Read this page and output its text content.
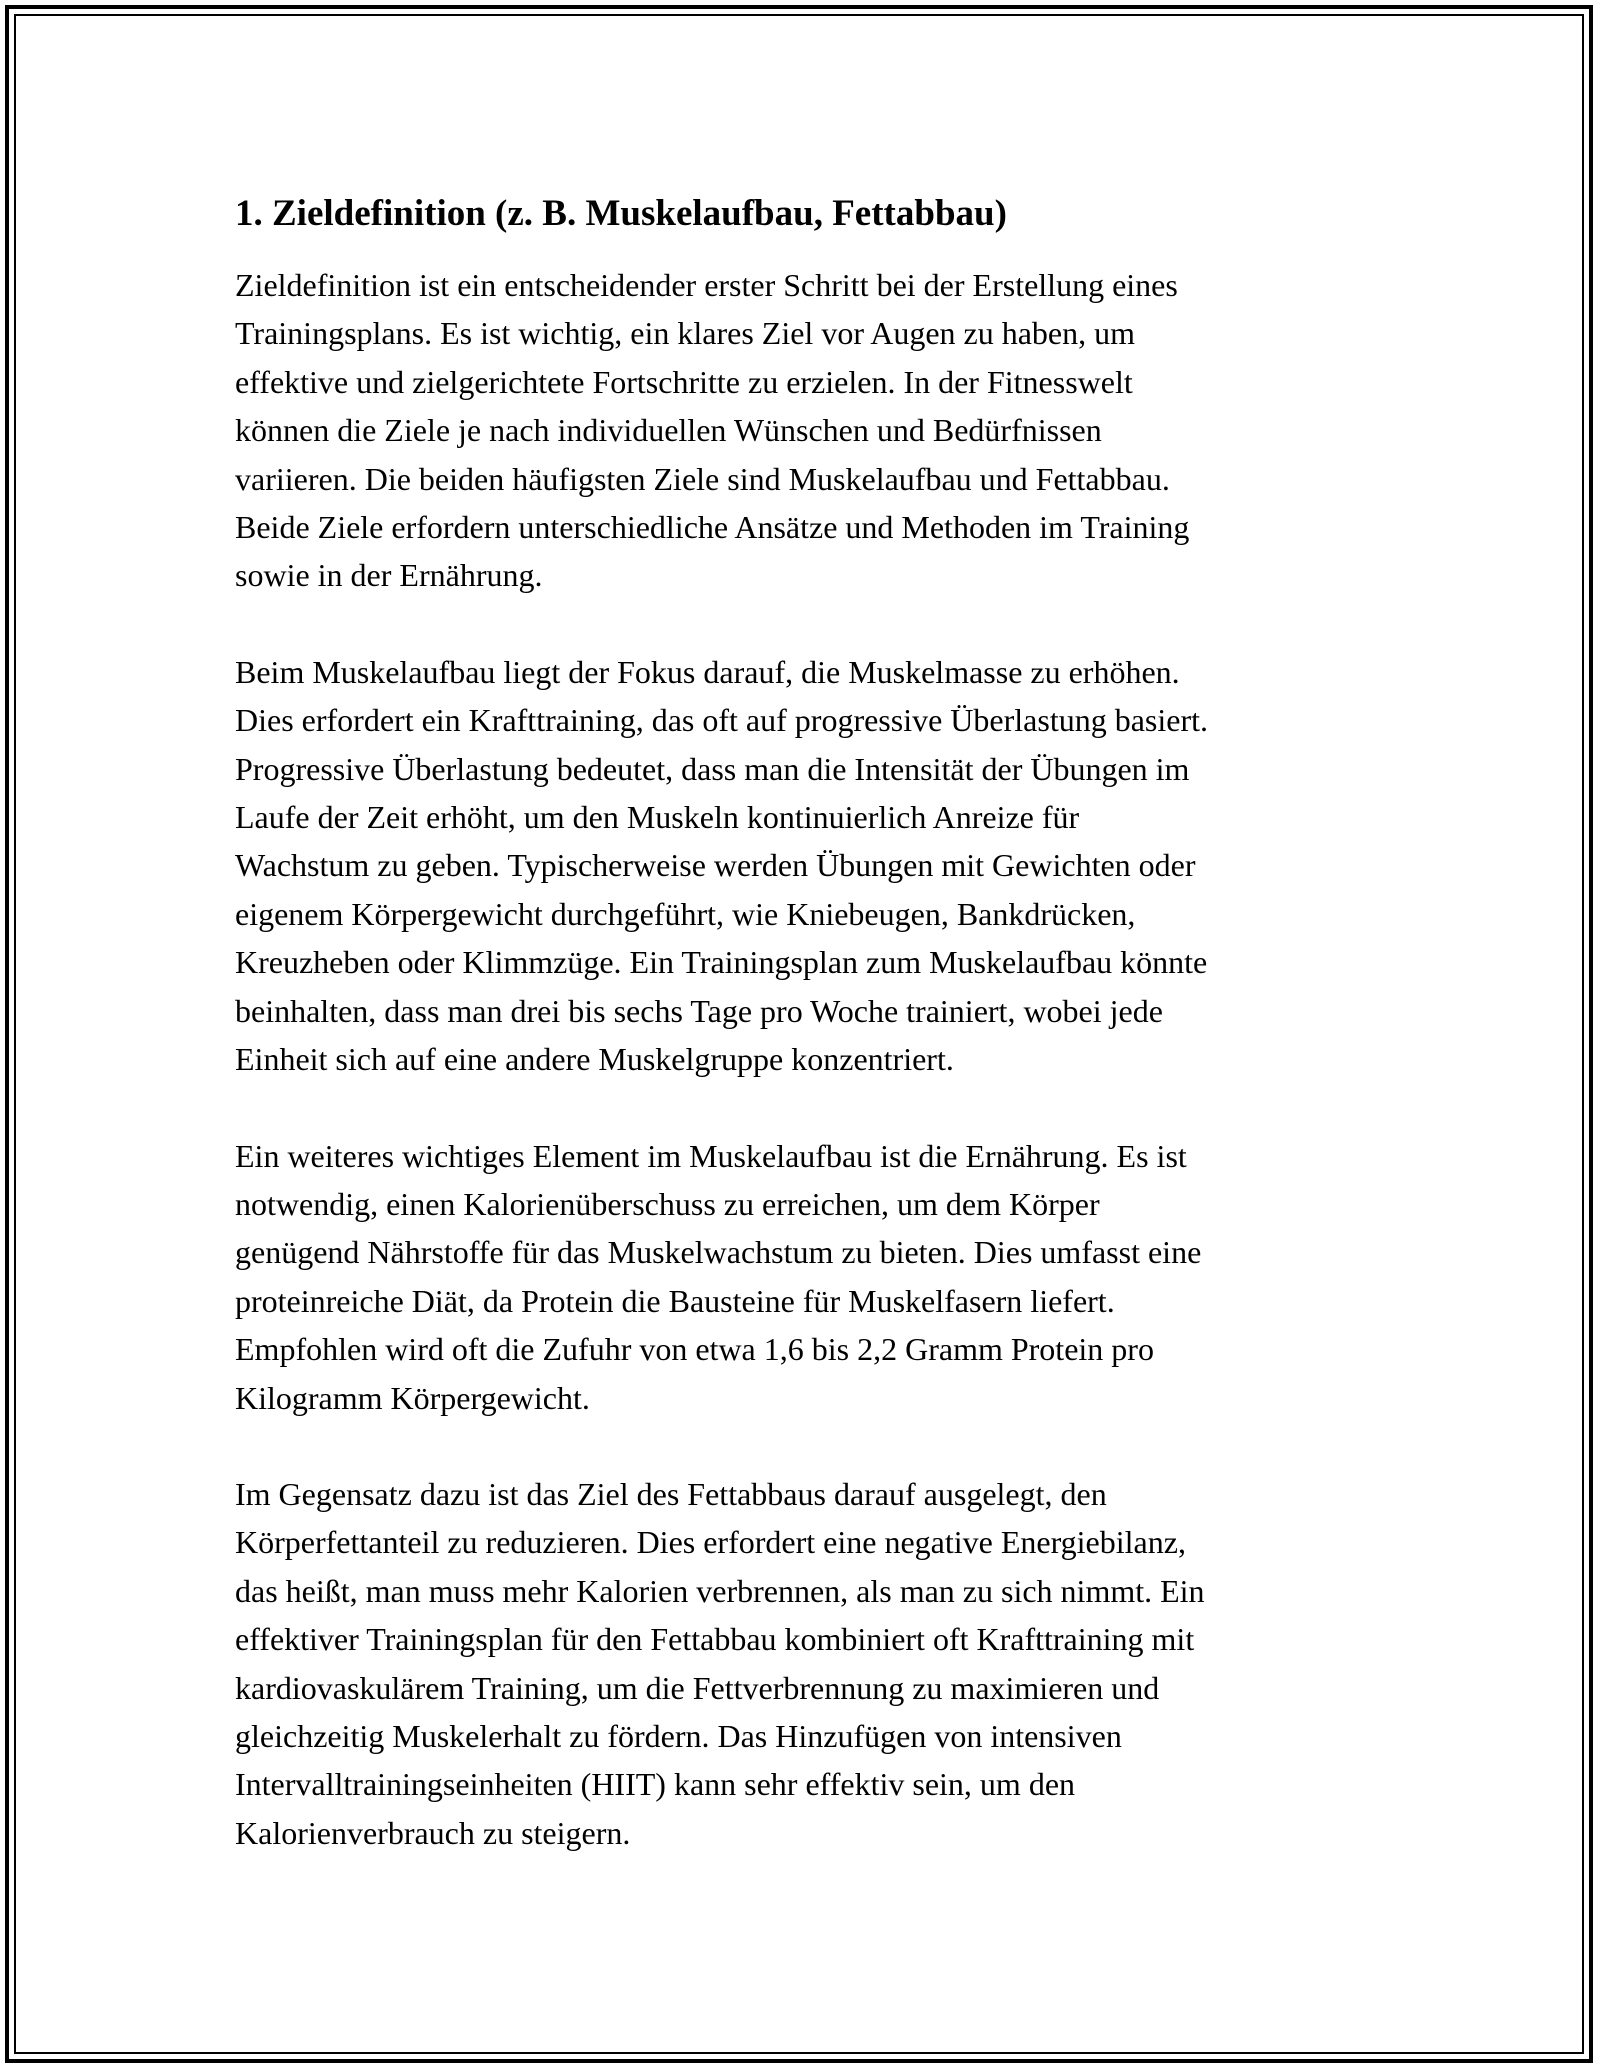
1. Zieldefinition (z. B. Muskelaufbau, Fettabbau)

Zieldefinition ist ein entscheidender erster Schritt bei der Erstellung eines
Trainingsplans. Es ist wichtig, ein klares Ziel vor Augen zu haben, um
effektive und zielgerichtete Fortschritte zu erzielen. In der Fitnesswelt
können die Ziele je nach individuellen Wünschen und Bedürfnissen
variieren. Die beiden häufigsten Ziele sind Muskelaufbau und Fettabbau.
Beide Ziele erfordern unterschiedliche Ansätze und Methoden im Training
sowie in der Ernährung.

Beim Muskelaufbau liegt der Fokus darauf, die Muskelmasse zu erhöhen.
Dies erfordert ein Krafttraining, das oft auf progressive Überlastung basiert.
Progressive Überlastung bedeutet, dass man die Intensität der Übungen im
Laufe der Zeit erhöht, um den Muskeln kontinuierlich Anreize für
Wachstum zu geben. Typischerweise werden Übungen mit Gewichten oder
eigenem Körpergewicht durchgeführt, wie Kniebeugen, Bankdrücken,
Kreuzheben oder Klimmzüge. Ein Trainingsplan zum Muskelaufbau könnte
beinhalten, dass man drei bis sechs Tage pro Woche trainiert, wobei jede
Einheit sich auf eine andere Muskelgruppe konzentriert.

Ein weiteres wichtiges Element im Muskelaufbau ist die Ernährung. Es ist
notwendig, einen Kalorienüberschuss zu erreichen, um dem Körper
genügend Nährstoffe für das Muskelwachstum zu bieten. Dies umfasst eine
proteinreiche Diät, da Protein die Bausteine für Muskelfasern liefert.
Empfohlen wird oft die Zufuhr von etwa 1,6 bis 2,2 Gramm Protein pro
Kilogramm Körpergewicht.

Im Gegensatz dazu ist das Ziel des Fettabbaus darauf ausgelegt, den
Körperfettanteil zu reduzieren. Dies erfordert eine negative Energiebilanz,
das heißt, man muss mehr Kalorien verbrennen, als man zu sich nimmt. Ein
effektiver Trainingsplan für den Fettabbau kombiniert oft Krafttraining mit
kardiovaskulärem Training, um die Fettverbrennung zu maximieren und
gleichzeitig Muskelerhalt zu fördern. Das Hinzufügen von intensiven
Intervalltrainingseinheiten (HIIT) kann sehr effektiv sein, um den
Kalorienverbrauch zu steigern.
